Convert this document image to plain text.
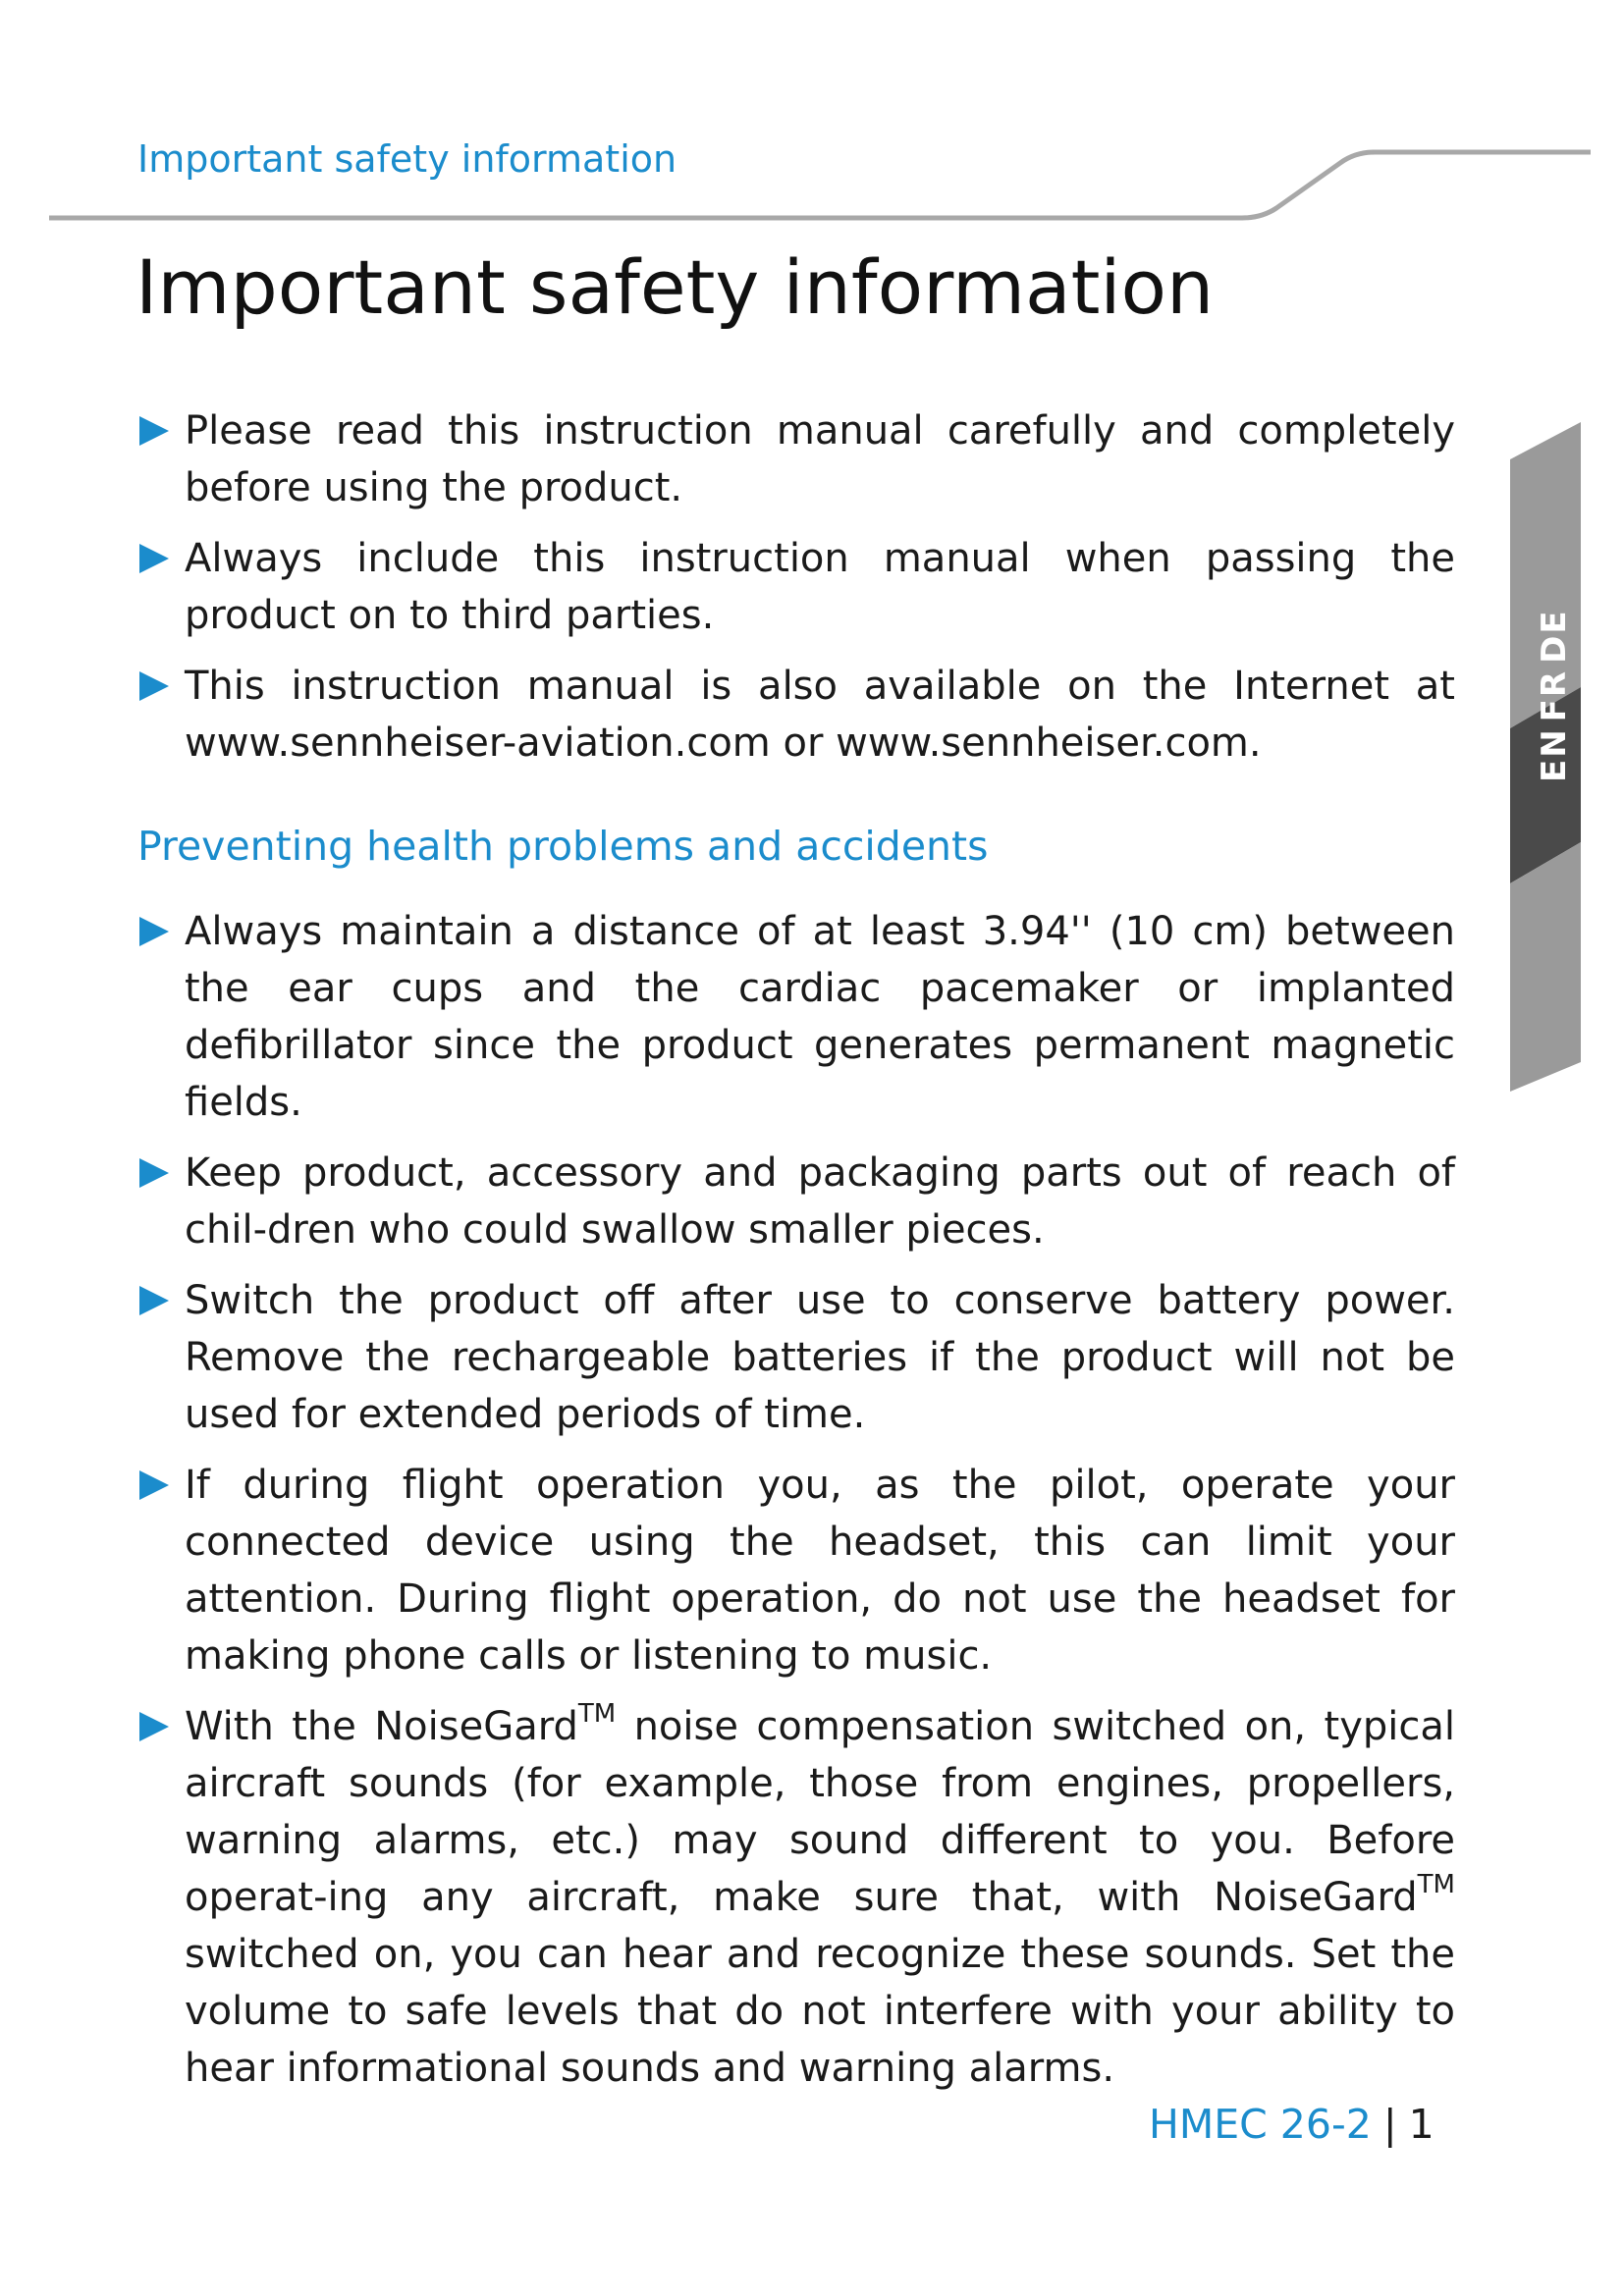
Important safety information
Important safety information
Please read this instruction manual carefully and completely before using the product.
Always include this instruction manual when passing the product on to third parties.
This instruction manual is also available on the Internet at www.sennheiser-aviation.com or www.sennheiser.com.
Preventing health problems and accidents
Always maintain a distance of at least 3.94'' (10 cm) between the ear cups and the cardiac pacemaker or implanted defibrillator since the product generates permanent magnetic fields.
Keep product, accessory and packaging parts out of reach of chil-dren who could swallow smaller pieces.
Switch the product off after use to conserve battery power. Remove the rechargeable batteries if the product will not be used for extended periods of time.
If during flight operation you, as the pilot, operate your connected device using the headset, this can limit your attention. During flight operation, do not use the headset for making phone calls or listening to music.
With the NoiseGard™ noise compensation switched on, typical aircraft sounds (for example, those from engines, propellers, warning alarms, etc.) may sound different to you. Before operat-ing any aircraft, make sure that, with NoiseGard™ switched on, you can hear and recognize these sounds. Set the volume to safe levels that do not interfere with your ability to hear informational sounds and warning alarms.
ENFRDE
HMEC 26-2 | 1
